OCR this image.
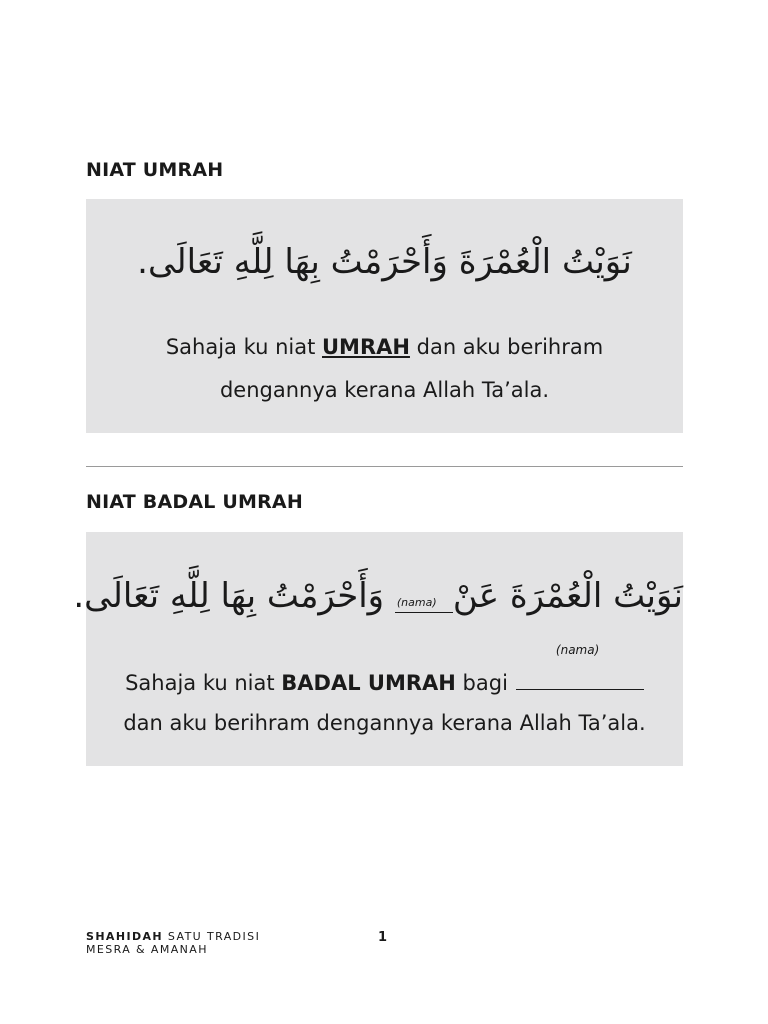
NIAT UMRAH
نَوَيْتُ الْعُمْرَةَ وَأَحْرَمْتُ بِهَا لِلَّهِ تَعَالَى.

Sahaja ku niat UMRAH dan aku berihram

dengannya kerana Allah Ta’ala.

NIAT BADAL UMRAH
نَوَيْتُ الْعُمْرَةَ عَنْ
(nama)
وَأَحْرَمْتُ بِهَا لِلَّهِ تَعَالَى.

Sahaja ku niat BADAL UMRAH bagi
(nama)

dan aku berihram dengannya kerana Allah Ta’ala.

SHAHIDAH SATU TRADISI
MESRA & AMANAH
1
